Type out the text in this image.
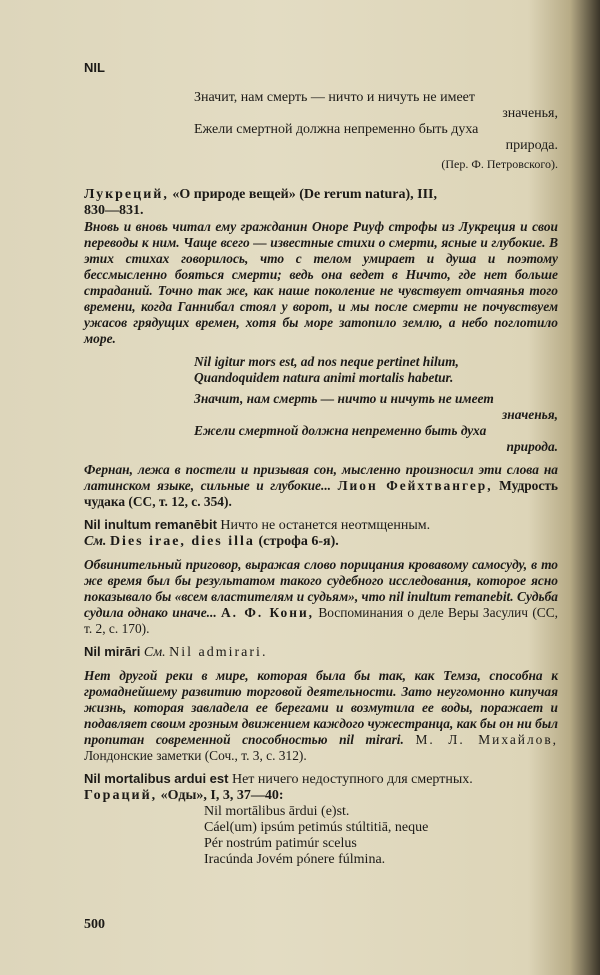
NIL
Значит, нам смерть — ничто и ничуть не имеет
значенья,
Ежели смертной должна непременно быть духа
природа.
(Пер. Ф. Петровского).
Лукреций, «О природе вещей» (De rerum natura), III,
830—831.
Вновь и вновь читал ему гражданин Оноре Риуф строфы из Лукреция и свои переводы к ним. Чаще всего — известные стихи о смерти, ясные и глубокие. В этих стихах говорилось, что с телом умирает и душа и поэтому бессмысленно бояться смерти; ведь она ведет в Ничто, где нет больше страданий. Точно так же, как наше поколение не чувствует отчаянья того времени, когда Ганнибал стоял у ворот, и мы после смерти не почувствуем ужасов грядущих времен, хотя бы море затопило землю, а небо поглотило море.
Nil igitur mors est, ad nos neque pertinet hilum,
Quandoquidem natura animi mortalis habetur.
Значит, нам смерть — ничто и ничуть не имеет
значенья,
Ежели смертной должна непременно быть духа
природа.
Фернан, лежа в постели и призывая сон, мысленно произносил эти слова на латинском языке, сильные и глубокие... Лион Фейхтвангер, Мудрость чудака (СС, т. 12, с. 354).
Nil inultum remanēbit Ничто не останется неотмщенным.
См. Dies irae, dies illa (строфа 6-я).
Обвинительный приговор, выражая слово порицания кровавому самосуду, в то же время был бы результатом такого судебного исследования, которое ясно показывало бы «всем властителям и судьям», что nil inultum remanebit. Судьба судила однако иначе... А. Ф. Кони, Воспоминания о деле Веры Засулич (СС, т. 2, с. 170).
Nil mirāri См. Nil admirari.
Нет другой реки в мире, которая была бы так, как Темза, способна к громаднейшему развитию торговой деятельности. Зато неугомонно кипучая жизнь, которая завладела ее берегами и возмутила ее воды, поражает и подавляет своим грозным движением каждого чужестранца, как бы он ни был пропитан современной способностью nil mirari. М. Л. Михайлов, Лондонские заметки (Соч., т. 3, с. 312).
Nil mortalibus ardui est Нет ничего недоступного для смертных.
Гораций, «Оды», I, 3, 37—40:
Nil mortālibus ārdui (e)st.
Cáel(um) ipsúm petimús stúltitiā, neque
Pér nostrúm patimúr scelus
Iracúnda Jovém pónere fúlmina.
500
